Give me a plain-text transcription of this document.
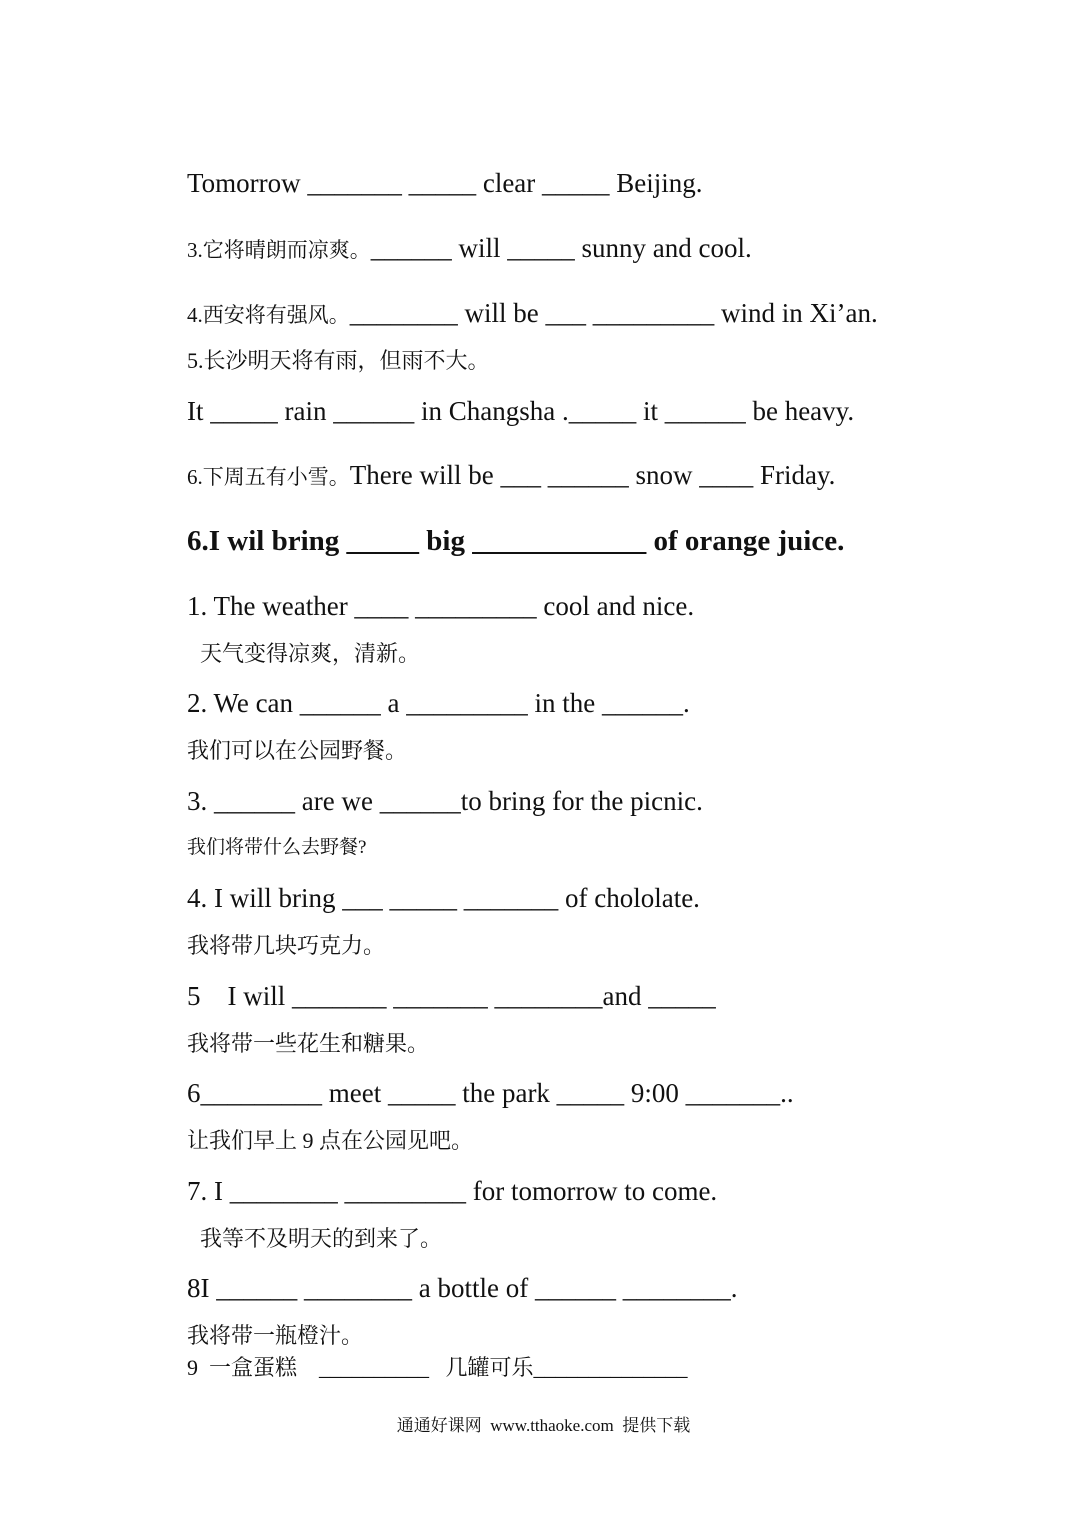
Tomorrow _______ _____ clear _____ Beijing.
3.它将晴朗而凉爽。______ will _____ sunny and cool.
4.西安将有强风。________ will be ___ _________ wind in Xi’an.
5.长沙明天将有雨，但雨不大。
It _____ rain ______ in Changsha ._____ it ______ be heavy.
6.下周五有小雪。There will be ___ ______ snow ____ Friday.
6.I wil bring _____ big ____________ of orange juice.
1. The weather ____ _________ cool and nice.
天气变得凉爽，清新。
2. We can ______ a _________ in the ______.
我们可以在公园野餐。
3. ______ are we ______to bring for the picnic.
我们将带什么去野餐?
4. I will bring ___ _____ _______ of chololate.
我将带几块巧克力。
5    I will _______ _______ ________and _____
我将带一些花生和糖果。
6_________ meet _____ the park _____ 9:00 _______..
让我们早上 9 点在公园见吧。
7. I ________ _________ for tomorrow to come.
我等不及明天的到来了。
8I ______ ________ a bottle of ______ ________.
我将带一瓶橙汁。
9  一盒蛋糕    __________   几罐可乐______________
通通好课网  www.tthaoke.com  提供下载
